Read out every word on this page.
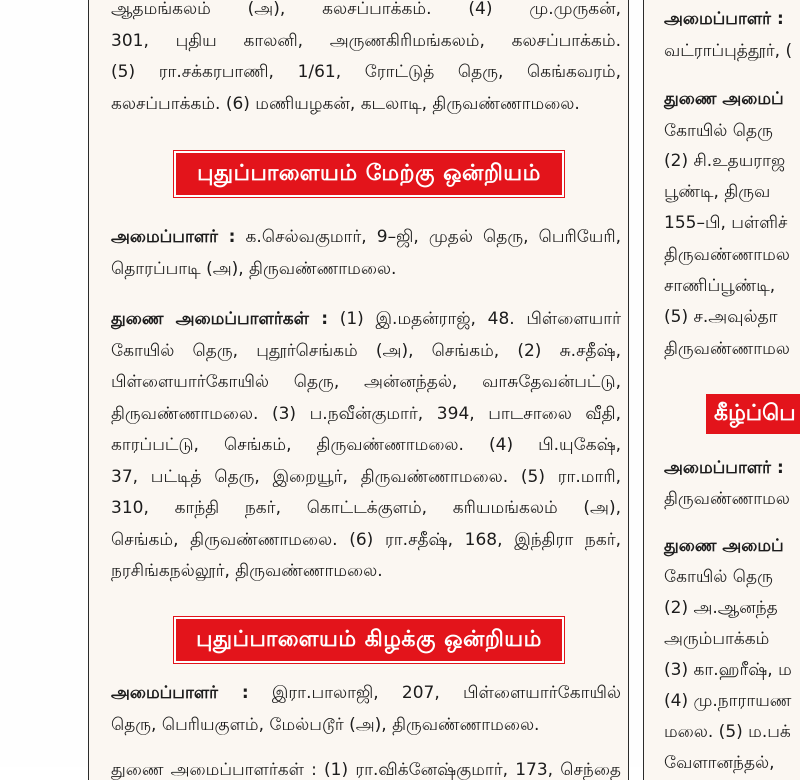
ஆதமங்கலம் (அ), கலசப்பாக்கம். (4) மு.முருகன்,
301, புதிய காலனி, அருணகிரிமங்கலம், கலசப்பாக்கம்.
(5) ரா.சக்கரபாணி, 1/61, ரோட்டுத் தெரு, கெங்கவரம்,
கலசப்பாக்கம். (6) மணியழகன், கடலாடி, திருவண்ணாமலை.
புதுப்பாளையம் மேற்கு ஒன்றியம்
அமைப்பாளர் : க.செல்வகுமார், 9–ஜி, முதல் தெரு, பெரியேரி,
தொரப்பாடி (அ), திருவண்ணாமலை.
துணை அமைப்பாளர்கள் : (1) இ.மதன்ராஜ், 48. பிள்ளையார்
கோயில் தெரு, புதூர்செங்கம் (அ), செங்கம், (2) சு.சதீஷ்,
பிள்ளையார்கோயில் தெரு, அன்னந்தல், வாசுதேவன்பட்டு,
திருவண்ணாமலை. (3) ப.நவீன்குமார், 394, பாடசாலை வீதி,
காரப்பட்டு, செங்கம், திருவண்ணாமலை. (4) பி.யுகேஷ்,
37, பட்டித் தெரு, இறையூர், திருவண்ணாமலை. (5) ரா.மாரி,
310, காந்தி நகர், கொட்டக்குளம், கரியமங்கலம் (அ),
செங்கம், திருவண்ணாமலை. (6) ரா.சதீஷ், 168, இந்திரா நகர்,
நரசிங்கநல்லூர், திருவண்ணாமலை.
புதுப்பாளையம் கிழக்கு ஒன்றியம்
அமைப்பாளர் : இரா.பாலாஜி, 207, பிள்ளையார்கோயில்
தெரு, பெரியகுளம், மேல்படூர் (அ), திருவண்ணாமலை.
துணை அமைப்பாளர்கள் : (1) ரா.விக்னேஷ்குமார், 173, செந்தை
அமைப்பாளர் :
வட்ராப்புத்தூர், (
துணை அமைப்
கோயில் தெரு
(2) சி.உதயராஜ
பூண்டி, திருவ
155–பி, பள்ளிச்
திருவண்ணாமல
சாணிப்பூண்டி,
(5) ச.அவுல்தா
திருவண்ணாமல
கீழ்ப்பெ
அமைப்பாளர் :
திருவண்ணாமல
துணை அமைப்
கோயில் தெரு
(2) அ.ஆனந்த
அரும்பாக்கம்
(3) கா.ஹரீஷ், ம
(4) மு.நாராயண
மலை. (5) ம.பக்
வேளானந்தல்,
